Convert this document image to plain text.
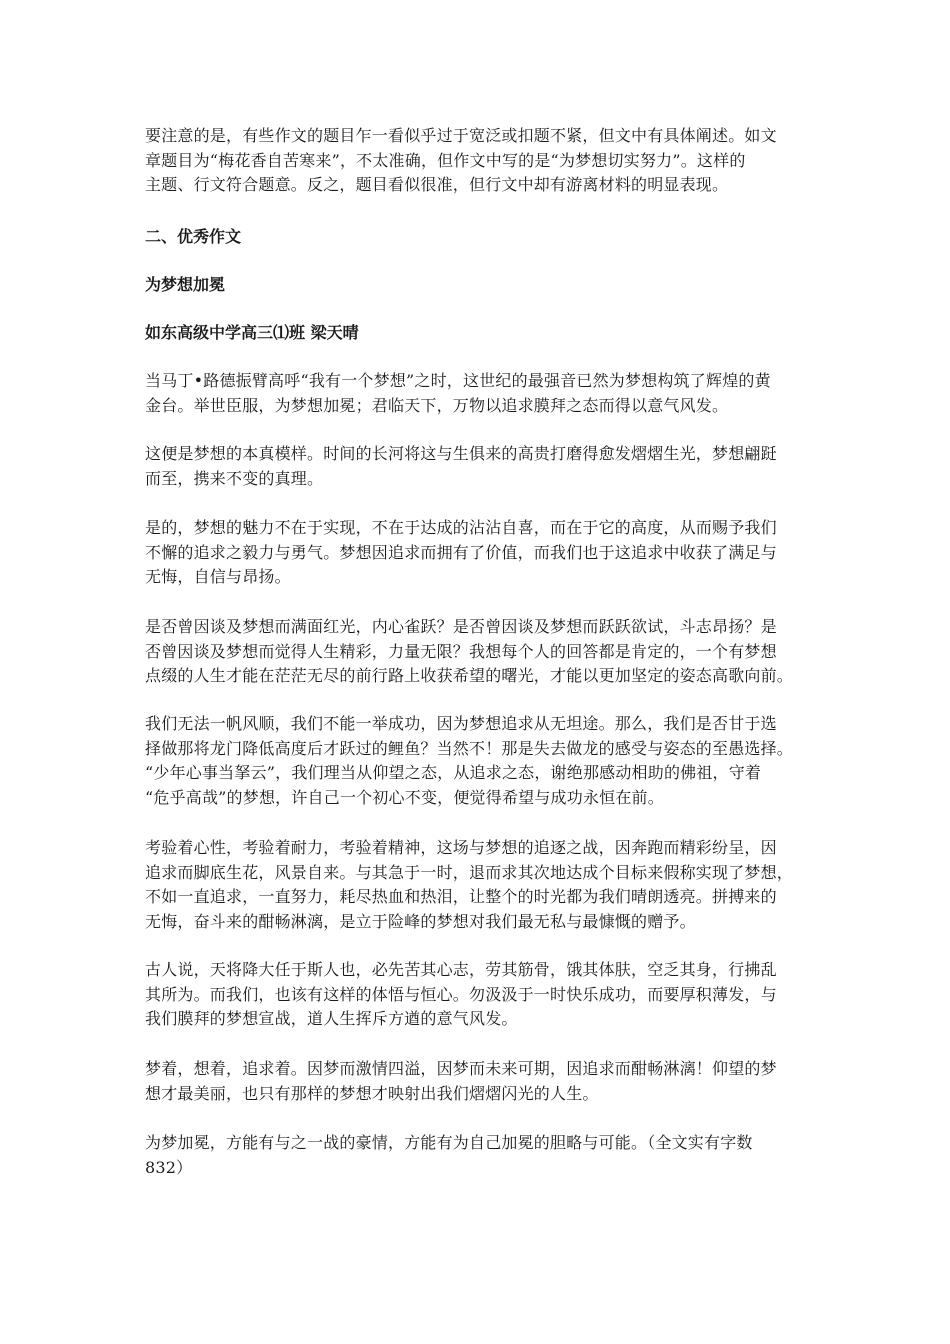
要注意的是，有些作文的题目乍一看似乎过于宽泛或扣题不紧，但文中有具体阐述。如文
章题目为“梅花香自苦寒来”，不太准确，但作文中写的是“为梦想切实努力”。这样的
主题、行文符合题意。反之，题目看似很准，但行文中却有游离材料的明显表现。
二、优秀作文
为梦想加冕
如东高级中学高三⑴班 梁天晴
当马丁•路德振臂高呼“我有一个梦想”之时，这世纪的最强音已然为梦想构筑了辉煌的黄
金台。举世臣服，为梦想加冕；君临天下，万物以追求膜拜之态而得以意气风发。
这便是梦想的本真模样。时间的长河将这与生俱来的高贵打磨得愈发熠熠生光，梦想翩跹
而至，携来不变的真理。
是的，梦想的魅力不在于实现，不在于达成的沾沾自喜，而在于它的高度，从而赐予我们
不懈的追求之毅力与勇气。梦想因追求而拥有了价值，而我们也于这追求中收获了满足与
无悔，自信与昂扬。
是否曾因谈及梦想而满面红光，内心雀跃？是否曾因谈及梦想而跃跃欲试，斗志昂扬？是
否曾因谈及梦想而觉得人生精彩，力量无限？我想每个人的回答都是肯定的，一个有梦想
点缀的人生才能在茫茫无尽的前行路上收获希望的曙光，才能以更加坚定的姿态高歌向前。
我们无法一帆风顺，我们不能一举成功，因为梦想追求从无坦途。那么，我们是否甘于选
择做那将龙门降低高度后才跃过的鲤鱼？当然不！那是失去做龙的感受与姿态的至愚选择。
“少年心事当拏云”，我们理当从仰望之态，从追求之态，谢绝那感动相助的佛祖，守着
“危乎高哉”的梦想，许自己一个初心不变，便觉得希望与成功永恒在前。
考验着心性，考验着耐力，考验着精神，这场与梦想的追逐之战，因奔跑而精彩纷呈，因
追求而脚底生花，风景自来。与其急于一时，退而求其次地达成个目标来假称实现了梦想，
不如一直追求，一直努力，耗尽热血和热泪，让整个的时光都为我们晴朗透亮。拼搏来的
无悔，奋斗来的酣畅淋漓，是立于险峰的梦想对我们最无私与最慷慨的赠予。
古人说，天将降大任于斯人也，必先苦其心志，劳其筋骨，饿其体肤，空乏其身，行拂乱
其所为。而我们，也该有这样的体悟与恒心。勿汲汲于一时快乐成功，而要厚积薄发，与
我们膜拜的梦想宣战，道人生挥斥方遒的意气风发。
梦着，想着，追求着。因梦而激情四溢，因梦而未来可期，因追求而酣畅淋漓！仰望的梦
想才最美丽，也只有那样的梦想才映射出我们熠熠闪光的人生。
为梦加冕，方能有与之一战的豪情，方能有为自己加冕的胆略与可能。（全文实有字数
832）
